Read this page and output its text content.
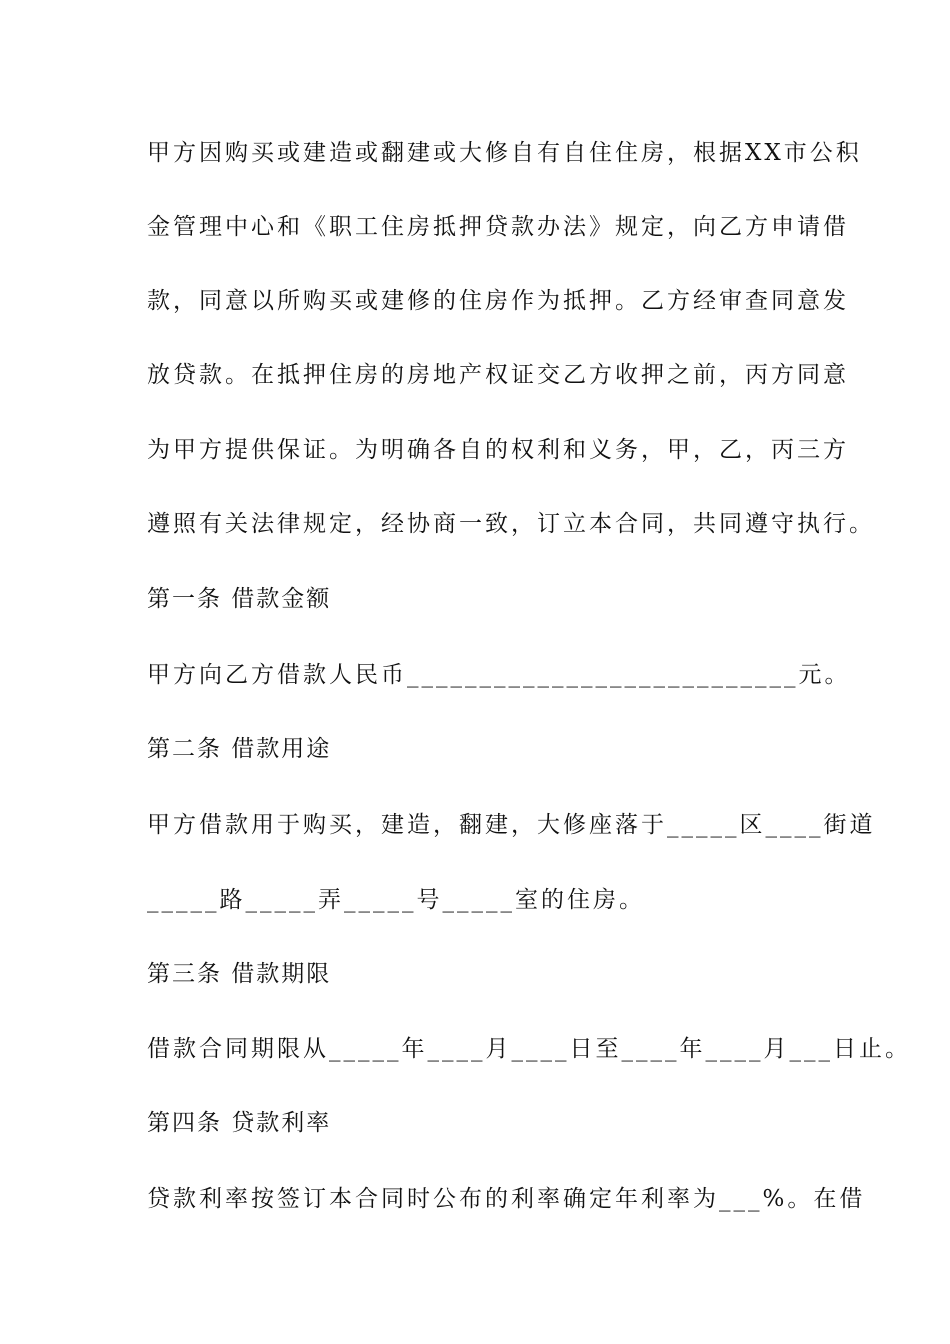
甲方因购买或建造或翻建或大修自有自住住房，根据XX市公积
金管理中心和《职工住房抵押贷款办法》规定，向乙方申请借
款，同意以所购买或建修的住房作为抵押。乙方经审查同意发
放贷款。在抵押住房的房地产权证交乙方收押之前，丙方同意
为甲方提供保证。为明确各自的权利和义务，甲，乙，丙三方
遵照有关法律规定，经协商一致，订立本合同，共同遵守执行。
第一条 借款金额
甲方向乙方借款人民币___________________________元。
第二条 借款用途
甲方借款用于购买，建造，翻建，大修座落于_____区____街道
_____路_____弄_____号_____室的住房。
第三条 借款期限
借款合同期限从_____年____月____日至____年____月___日止。
第四条 贷款利率
贷款利率按签订本合同时公布的利率确定年利率为___%。在借
